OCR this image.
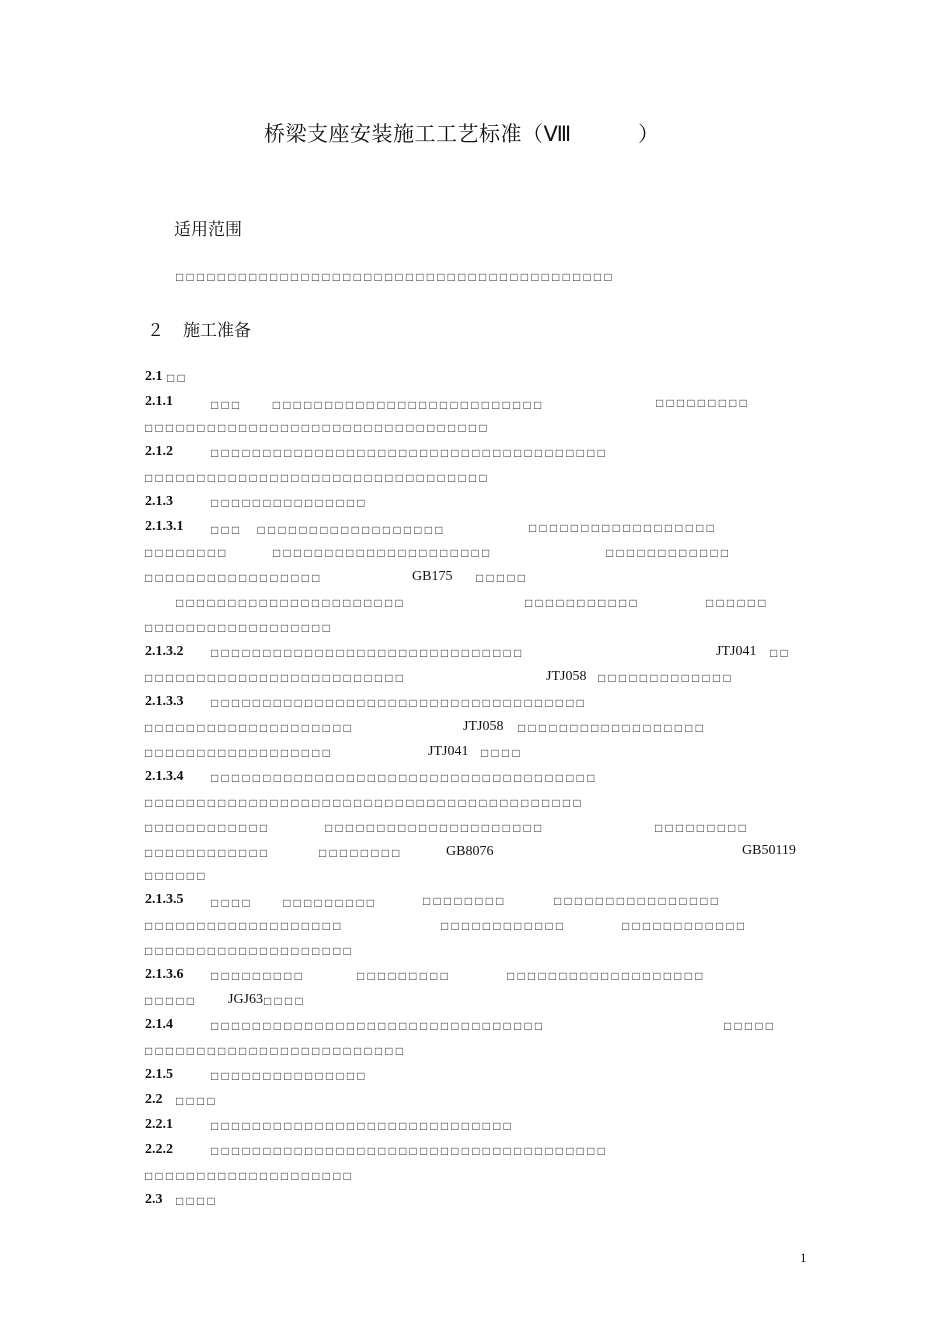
桥梁支座安装施工工艺标准（Ⅷ	）
适用范围
□□□□□□□□□□□□□□□□□□□□□□□□□□□□□□□□□□□□□□□□□□
２ 施工准备
2.1 □□
2.1.1	□□□　　□□□□□□□□□□□□□□□□□□□□□□□□□□	□□□□□□□□□
□□□□□□□□□□□□□□□□□□□□□□□□□□□□□□□□□
2.1.2	□□□□□□□□□□□□□□□□□□□□□□□□□□□□□□□□□□□□□□
□□□□□□□□□□□□□□□□□□□□□□□□□□□□□□□□□
2.1.3	□□□□□□□□□□□□□□□
2.1.3.1 □□□　□□□□□□□□□□□□□□□□□□	□□□□□□□□□□□□□□□□□□
□□□□□□□□	□□□□□□□□□□□□□□□□□□□□□	□□□□□□□□□□□□
□□□□□□□□□□□□□□□□□	GB175 □□□□□
□□□□□□□□□□□□□□□□□□□□□□	□□□□□□□□□□□	□□□□□□
□□□□□□□□□□□□□□□□□□
2.1.3.2 □□□□□□□□□□□□□□□□□□□□□□□□□□□□□□	JTJ041 □□
□□□□□□□□□□□□□□□□□□□□□□□□□	JTJ058 □□□□□□□□□□□□□
2.1.3.3 □□□□□□□□□□□□□□□□□□□□□□□□□□□□□□□□□□□□
□□□□□□□□□□□□□□□□□□□□	JTJ058 □□□□□□□□□□□□□□□□□□
□□□□□□□□□□□□□□□□□□	JTJ041 □□□□
2.1.3.4 □□□□□□□□□□□□□□□□□□□□□□□□□□□□□□□□□□□□□
□□□□□□□□□□□□□□□□□□□□□□□□□□□□□□□□□□□□□□□□□□
□□□□□□□□□□□□	□□□□□□□□□□□□□□□□□□□□□	□□□□□□□□□
□□□□□□□□□□□□	□□□□□□□□	GB8076
□□□□□□
2.1.3.5 □□□□　　□□□□□□□□□	□□□□□□□□	□□□□□□□□□□□□□□□□
□□□□□□□□□□□□□□□□□□□	□□□□□□□□□□□□	□□□□□□□□□□□□
□□□□□□□□□□□□□□□□□□□□
2.1.3.6 □□□□□□□□□	□□□□□□□□□	□□□□□□□□□□□□□□□□□□□
□□□□□ JGJ63 □□□□
2.1.4	□□□□□□□□□□□□□□□□□□□□□□□□□□□□□□□□	□□□□□
□□□□□□□□□□□□□□□□□□□□□□□□□
2.1.5	□□□□□□□□□□□□□□□
2.2 □□□□
2.2.1	□□□□□□□□□□□□□□□□□□□□□□□□□□□□□
2.2.2	□□□□□□□□□□□□□□□□□□□□□□□□□□□□□□□□□□□□□□
□□□□□□□□□□□□□□□□□□□□
2.3 □□□□
GB50119
1
